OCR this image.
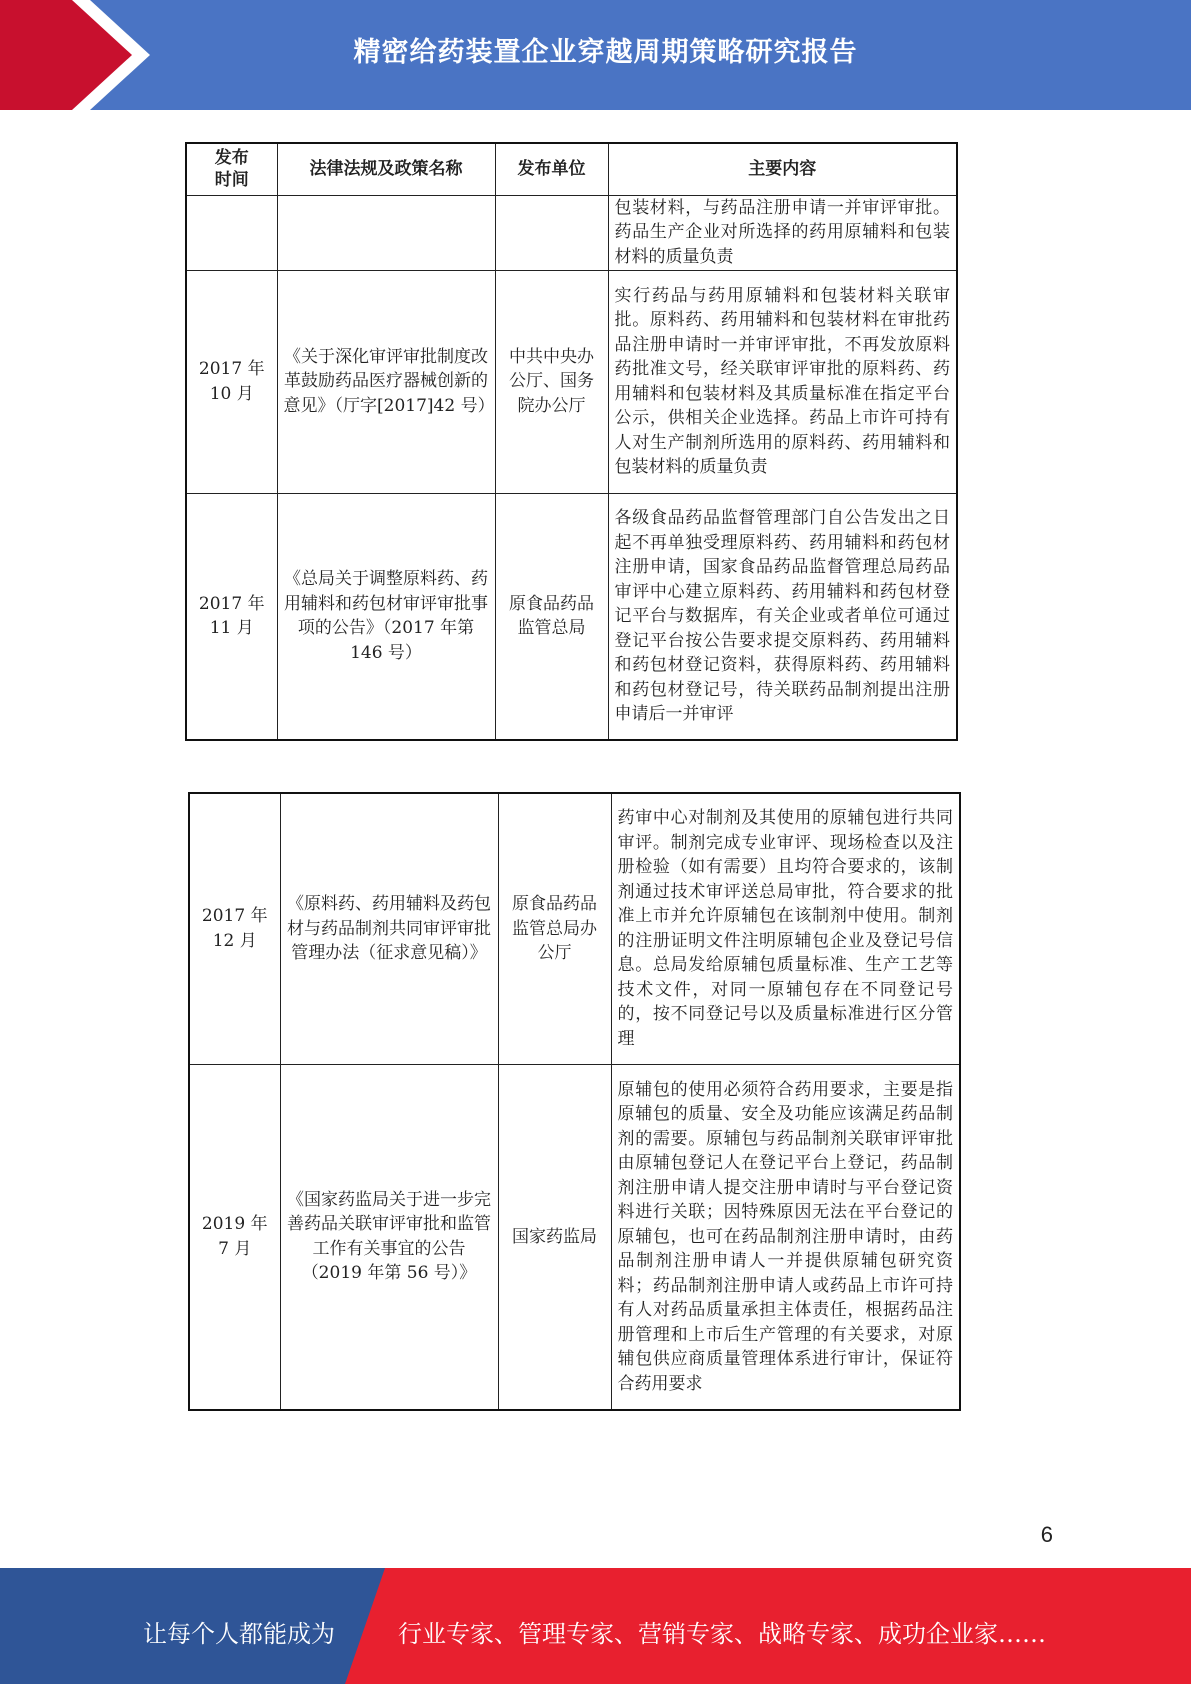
精密给药装置企业穿越周期策略研究报告
发布时间	法律法规及政策名称	发布单位	主要内容
			包装材料，与药品注册申请一并审评审批。药品生产企业对所选择的药用原辅料和包装材料的质量负责
2017 年 10 月	《关于深化审评审批制度改革鼓励药品医疗器械创新的意见》（厅字[2017]42 号）	中共中央办公厅、国务院办公厅	实行药品与药用原辅料和包装材料关联审批。原料药、药用辅料和包装材料在审批药品注册申请时一并审评审批，不再发放原料药批准文号，经关联审评审批的原料药、药用辅料和包装材料及其质量标准在指定平台公示，供相关企业选择。药品上市许可持有人对生产制剂所选用的原料药、药用辅料和包装材料的质量负责
2017 年 11 月	《总局关于调整原料药、药用辅料和药包材审评审批事项的公告》（2017 年第 146 号）	原食品药品监管总局	各级食品药品监督管理部门自公告发出之日起不再单独受理原料药、药用辅料和药包材注册申请，国家食品药品监督管理总局药品审评中心建立原料药、药用辅料和药包材登记平台与数据库，有关企业或者单位可通过登记平台按公告要求提交原料药、药用辅料和药包材登记资料，获得原料药、药用辅料和药包材登记号，待关联药品制剂提出注册申请后一并审评
2017 年 12 月	《原料药、药用辅料及药包材与药品制剂共同审评审批管理办法（征求意见稿）》	原食品药品监管总局办公厅	药审中心对制剂及其使用的原辅包进行共同审评。制剂完成专业审评、现场检查以及注册检验（如有需要）且均符合要求的，该制剂通过技术审评送总局审批，符合要求的批准上市并允许原辅包在该制剂中使用。制剂的注册证明文件注明原辅包企业及登记号信息。总局发给原辅包质量标准、生产工艺等技术文件，对同一原辅包存在不同登记号的，按不同登记号以及质量标准进行区分管理
2019 年 7 月	《国家药监局关于进一步完善药品关联审评审批和监管工作有关事宜的公告（2019 年第 56 号）》	国家药监局	原辅包的使用必须符合药用要求，主要是指原辅包的质量、安全及功能应该满足药品制剂的需要。原辅包与药品制剂关联审评审批由原辅包登记人在登记平台上登记，药品制剂注册申请人提交注册申请时与平台登记资料进行关联；因特殊原因无法在平台登记的原辅包，也可在药品制剂注册申请时，由药品制剂注册申请人一并提供原辅包研究资料；药品制剂注册申请人或药品上市许可持有人对药品质量承担主体责任，根据药品注册管理和上市后生产管理的有关要求，对原辅包供应商质量管理体系进行审计，保证符合药用要求
6
让每个人都能成为	行业专家、管理专家、营销专家、战略专家、成功企业家……
